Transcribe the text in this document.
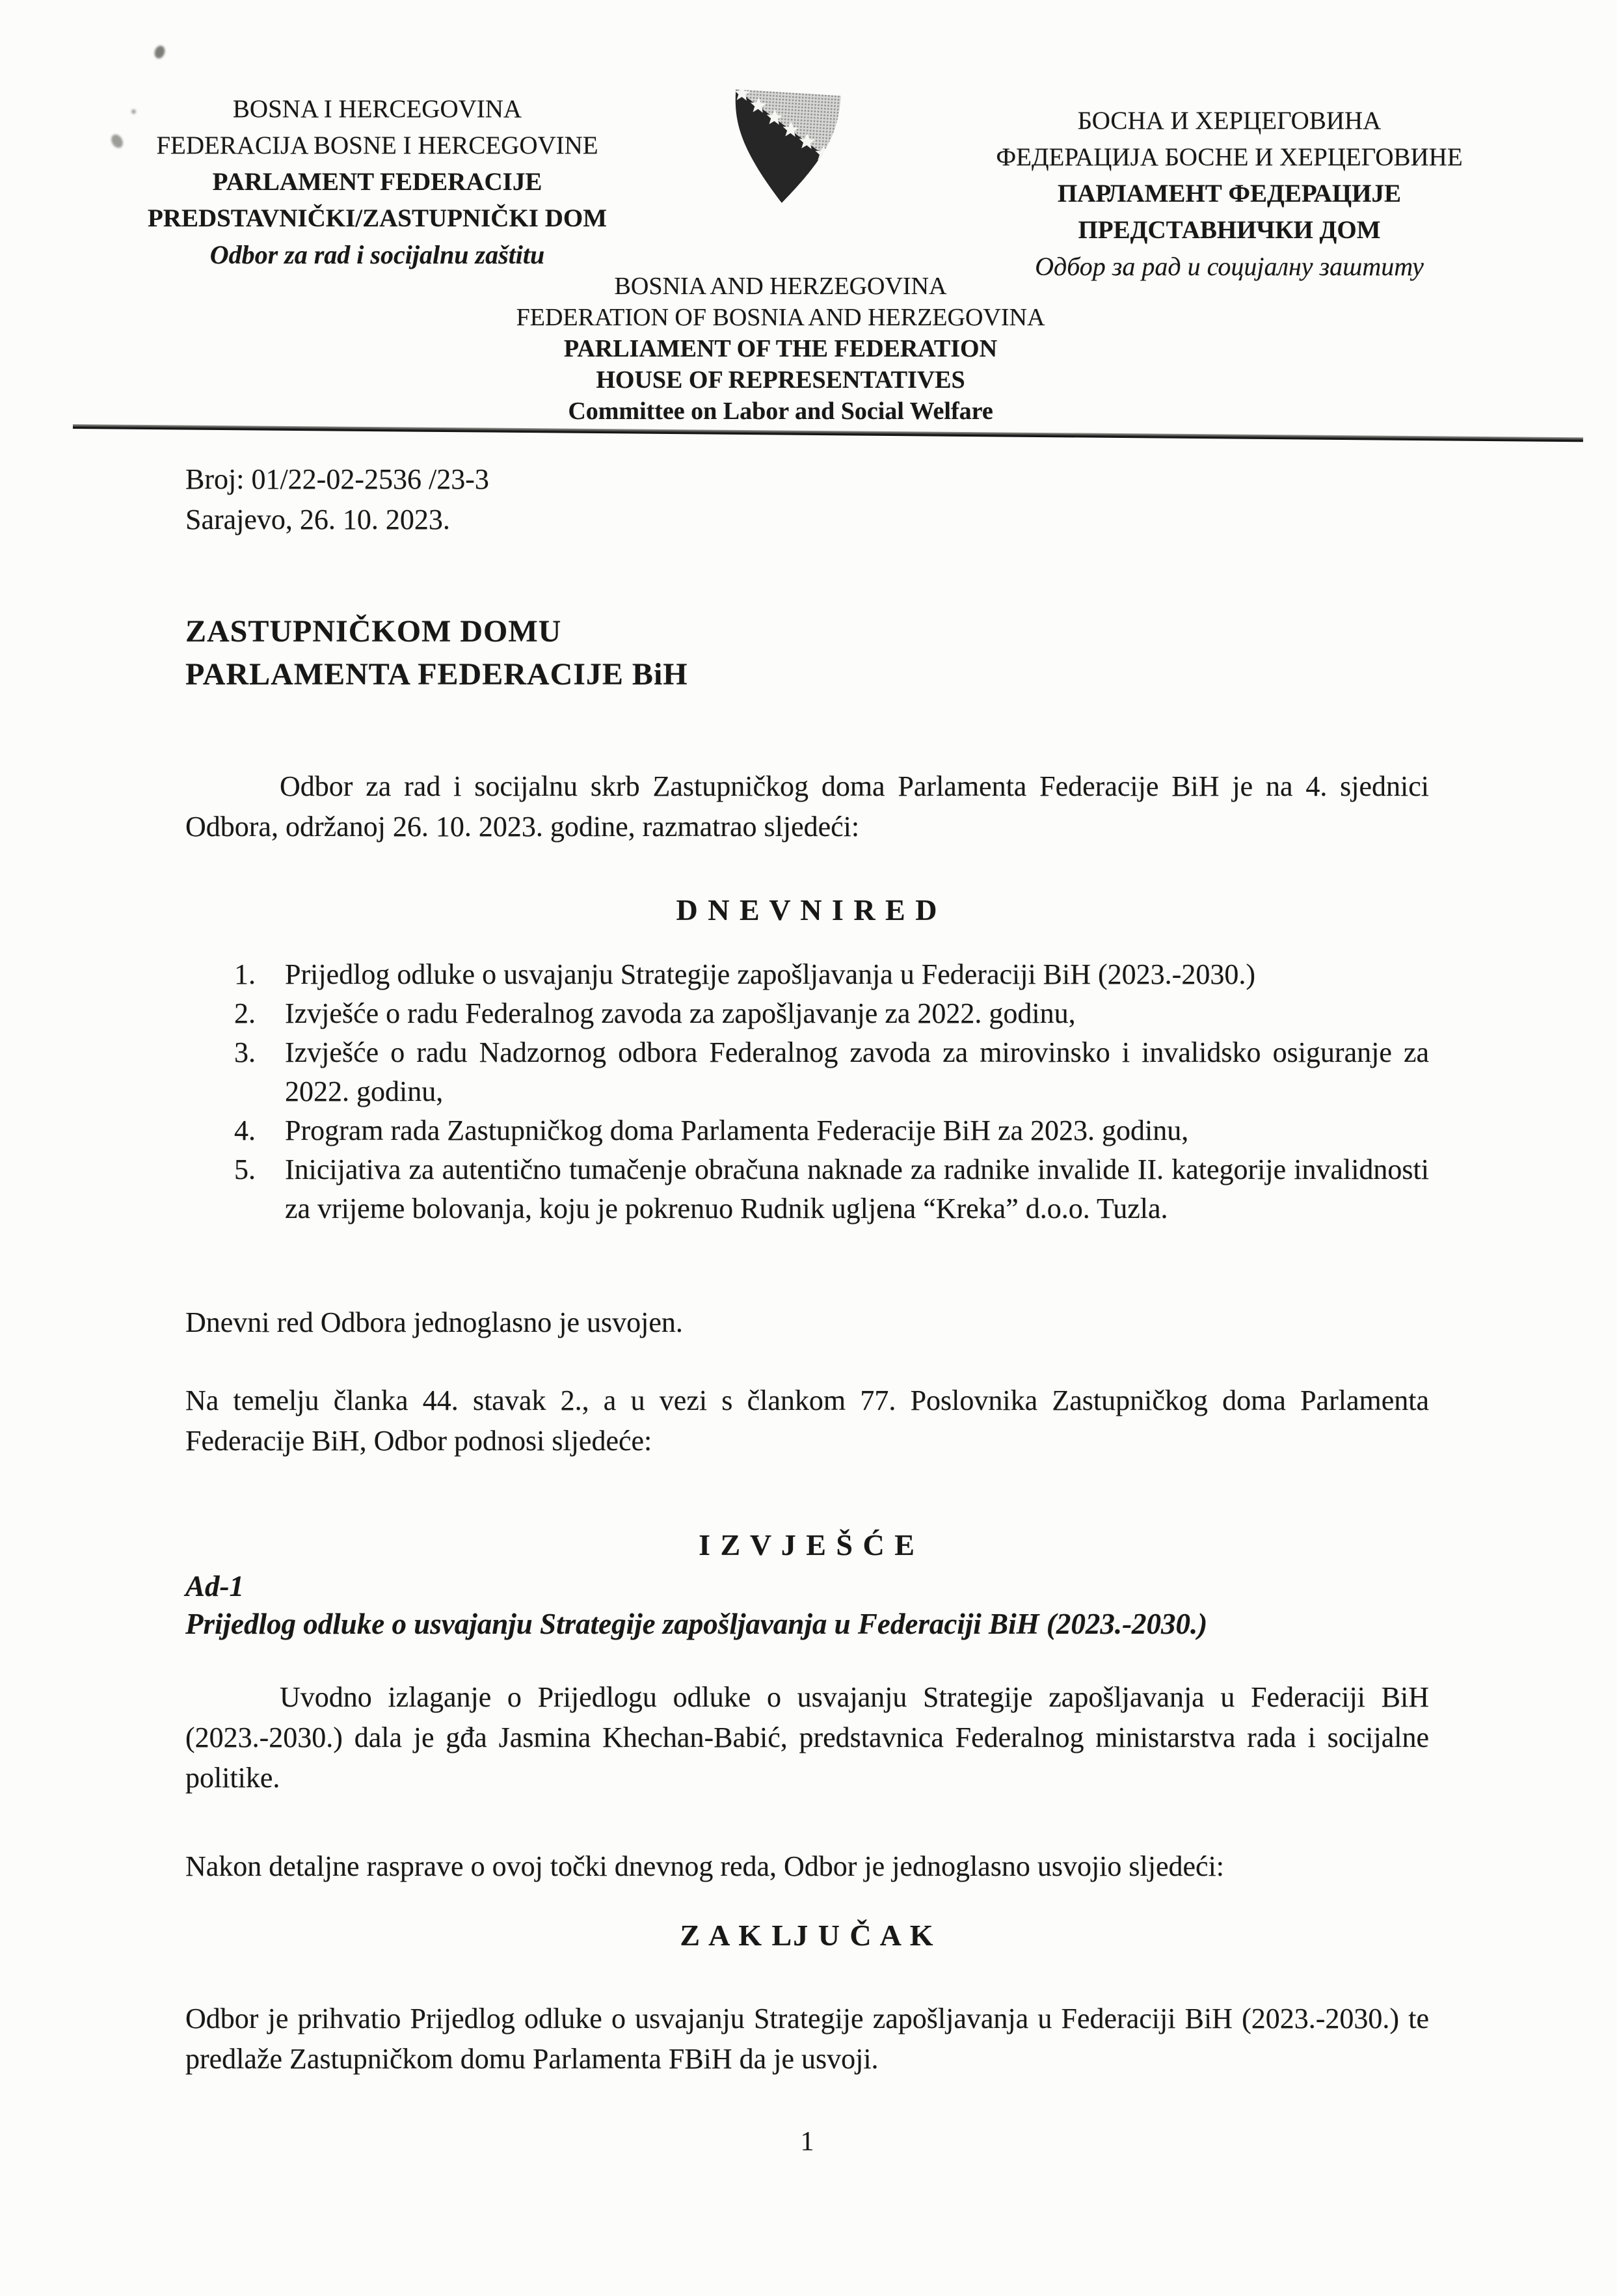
BOSNA I HERCEGOVINA
FEDERACIJA BOSNE I HERCEGOVINE
PARLAMENT FEDERACIJE
PREDSTAVNIČKI/ZASTUPNIČKI DOM
Odbor za rad i socijalnu zaštitu
БОСНА И ХЕРЦЕГОВИНА
ФЕДЕРАЦИЈА БОСНЕ И ХЕРЦЕГОВИНЕ
ПАРЛАМЕНТ ФЕДЕРАЦИЈЕ
ПРЕДСТАВНИЧКИ ДОМ
Одбор за рад и социјалну заштиту
BOSNIA AND HERZEGOVINA
FEDERATION OF BOSNIA AND HERZEGOVINA
PARLIAMENT OF THE FEDERATION
HOUSE OF REPRESENTATIVES
Committee on Labor and Social Welfare
Broj: 01/22-02-2536 /23-3
Sarajevo, 26. 10. 2023.
ZASTUPNIČKOM DOMU
PARLAMENTA FEDERACIJE BiH
Odbor za rad i socijalnu skrb Zastupničkog doma Parlamenta Federacije BiH je na 4. sjednici Odbora, održanoj 26. 10. 2023. godine, razmatrao sljedeći:
D N E V N I R E D
1.	Prijedlog odluke o usvajanju Strategije zapošljavanja u Federaciji BiH (2023.-2030.)
2.	Izvješće o radu Federalnog zavoda za zapošljavanje za 2022. godinu,
3.	Izvješće o radu Nadzornog odbora Federalnog zavoda za mirovinsko i invalidsko osiguranje za 2022. godinu,
4.	Program rada Zastupničkog doma Parlamenta Federacije BiH za 2023. godinu,
5.	Inicijativa za autentično tumačenje obračuna naknade za radnike invalide II. kategorije invalidnosti za vrijeme bolovanja, koju je pokrenuo Rudnik ugljena “Kreka” d.o.o. Tuzla.
Dnevni red Odbora jednoglasno je usvojen.
Na temelju članka 44. stavak 2., a u vezi s člankom 77. Poslovnika Zastupničkog doma Parlamenta Federacije BiH, Odbor podnosi sljedeće:
I Z V J E Š Ć E
Ad-1
Prijedlog odluke o usvajanju Strategije zapošljavanja u Federaciji BiH (2023.-2030.)
Uvodno izlaganje o Prijedlogu odluke o usvajanju Strategije zapošljavanja u Federaciji BiH (2023.-2030.) dala je gđa Jasmina Khechan-Babić, predstavnica Federalnog ministarstva rada i socijalne politike.
Nakon detaljne rasprave o ovoj točki dnevnog reda, Odbor je jednoglasno usvojio sljedeći:
Z A K LJ U Č A K
Odbor je prihvatio Prijedlog odluke o usvajanju Strategije zapošljavanja u Federaciji BiH (2023.-2030.) te predlaže Zastupničkom domu Parlamenta FBiH da je usvoji.
1
